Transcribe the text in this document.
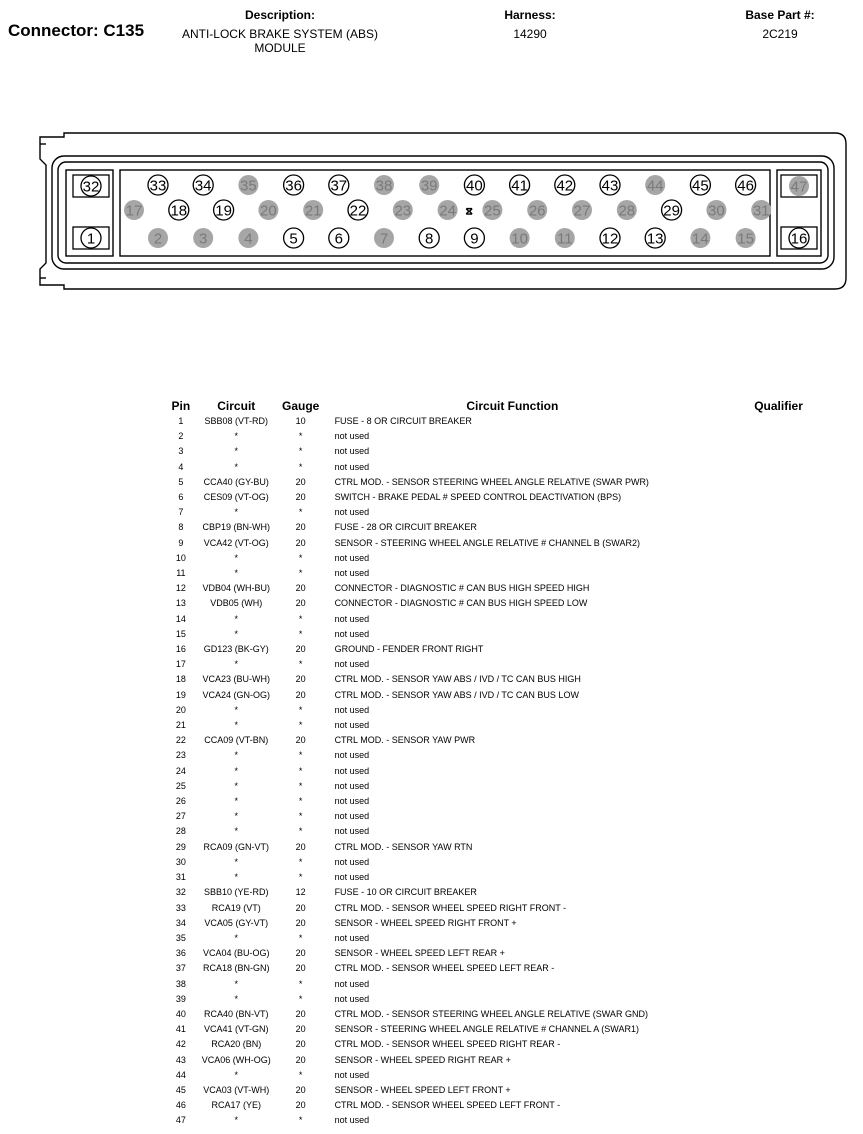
Connector: C135
Description:
ANTI-LOCK BRAKE SYSTEM (ABS)
MODULE
Harness:
14290
Base Part #:
2C219
⧗
33 34 35 36 37 38 39 40 41 42 43 44 45 46
2 3 4 5 6 7 8 9 10 11 12 13 14 15
17 18 19 20 21 22 23 24 25 26 27 28 29 30 31
32
1
47
16
Pin	Circuit	Gauge	Circuit Function	Qualifier
1	SBB08 (VT-RD)	10	FUSE - 8 OR CIRCUIT BREAKER	
2	*	*	not used	
3	*	*	not used	
4	*	*	not used	
5	CCA40 (GY-BU)	20	CTRL MOD. - SENSOR STEERING WHEEL ANGLE RELATIVE (SWAR PWR)	
6	CES09 (VT-OG)	20	SWITCH - BRAKE PEDAL # SPEED CONTROL DEACTIVATION (BPS)	
7	*	*	not used	
8	CBP19 (BN-WH)	20	FUSE - 28 OR CIRCUIT BREAKER	
9	VCA42 (VT-OG)	20	SENSOR - STEERING WHEEL ANGLE RELATIVE # CHANNEL B (SWAR2)	
10	*	*	not used	
11	*	*	not used	
12	VDB04 (WH-BU)	20	CONNECTOR - DIAGNOSTIC # CAN BUS HIGH SPEED HIGH	
13	VDB05 (WH)	20	CONNECTOR - DIAGNOSTIC # CAN BUS HIGH SPEED LOW	
14	*	*	not used	
15	*	*	not used	
16	GD123 (BK-GY)	20	GROUND - FENDER FRONT RIGHT	
17	*	*	not used	
18	VCA23 (BU-WH)	20	CTRL MOD. - SENSOR YAW ABS / IVD / TC CAN BUS HIGH	
19	VCA24 (GN-OG)	20	CTRL MOD. - SENSOR YAW ABS / IVD / TC CAN BUS LOW	
20	*	*	not used	
21	*	*	not used	
22	CCA09 (VT-BN)	20	CTRL MOD. - SENSOR YAW PWR	
23	*	*	not used	
24	*	*	not used	
25	*	*	not used	
26	*	*	not used	
27	*	*	not used	
28	*	*	not used	
29	RCA09 (GN-VT)	20	CTRL MOD. - SENSOR YAW RTN	
30	*	*	not used	
31	*	*	not used	
32	SBB10 (YE-RD)	12	FUSE - 10 OR CIRCUIT BREAKER	
33	RCA19 (VT)	20	CTRL MOD. - SENSOR WHEEL SPEED RIGHT FRONT -	
34	VCA05 (GY-VT)	20	SENSOR - WHEEL SPEED RIGHT FRONT +	
35	*	*	not used	
36	VCA04 (BU-OG)	20	SENSOR - WHEEL SPEED LEFT REAR +	
37	RCA18 (BN-GN)	20	CTRL MOD. - SENSOR WHEEL SPEED LEFT REAR -	
38	*	*	not used	
39	*	*	not used	
40	RCA40 (BN-VT)	20	CTRL MOD. - SENSOR STEERING WHEEL ANGLE RELATIVE (SWAR GND)	
41	VCA41 (VT-GN)	20	SENSOR - STEERING WHEEL ANGLE RELATIVE # CHANNEL A (SWAR1)	
42	RCA20 (BN)	20	CTRL MOD. - SENSOR WHEEL SPEED RIGHT REAR -	
43	VCA06 (WH-OG)	20	SENSOR - WHEEL SPEED RIGHT REAR +	
44	*	*	not used	
45	VCA03 (VT-WH)	20	SENSOR - WHEEL SPEED LEFT FRONT +	
46	RCA17 (YE)	20	CTRL MOD. - SENSOR WHEEL SPEED LEFT FRONT -	
47	*	*	not used	
